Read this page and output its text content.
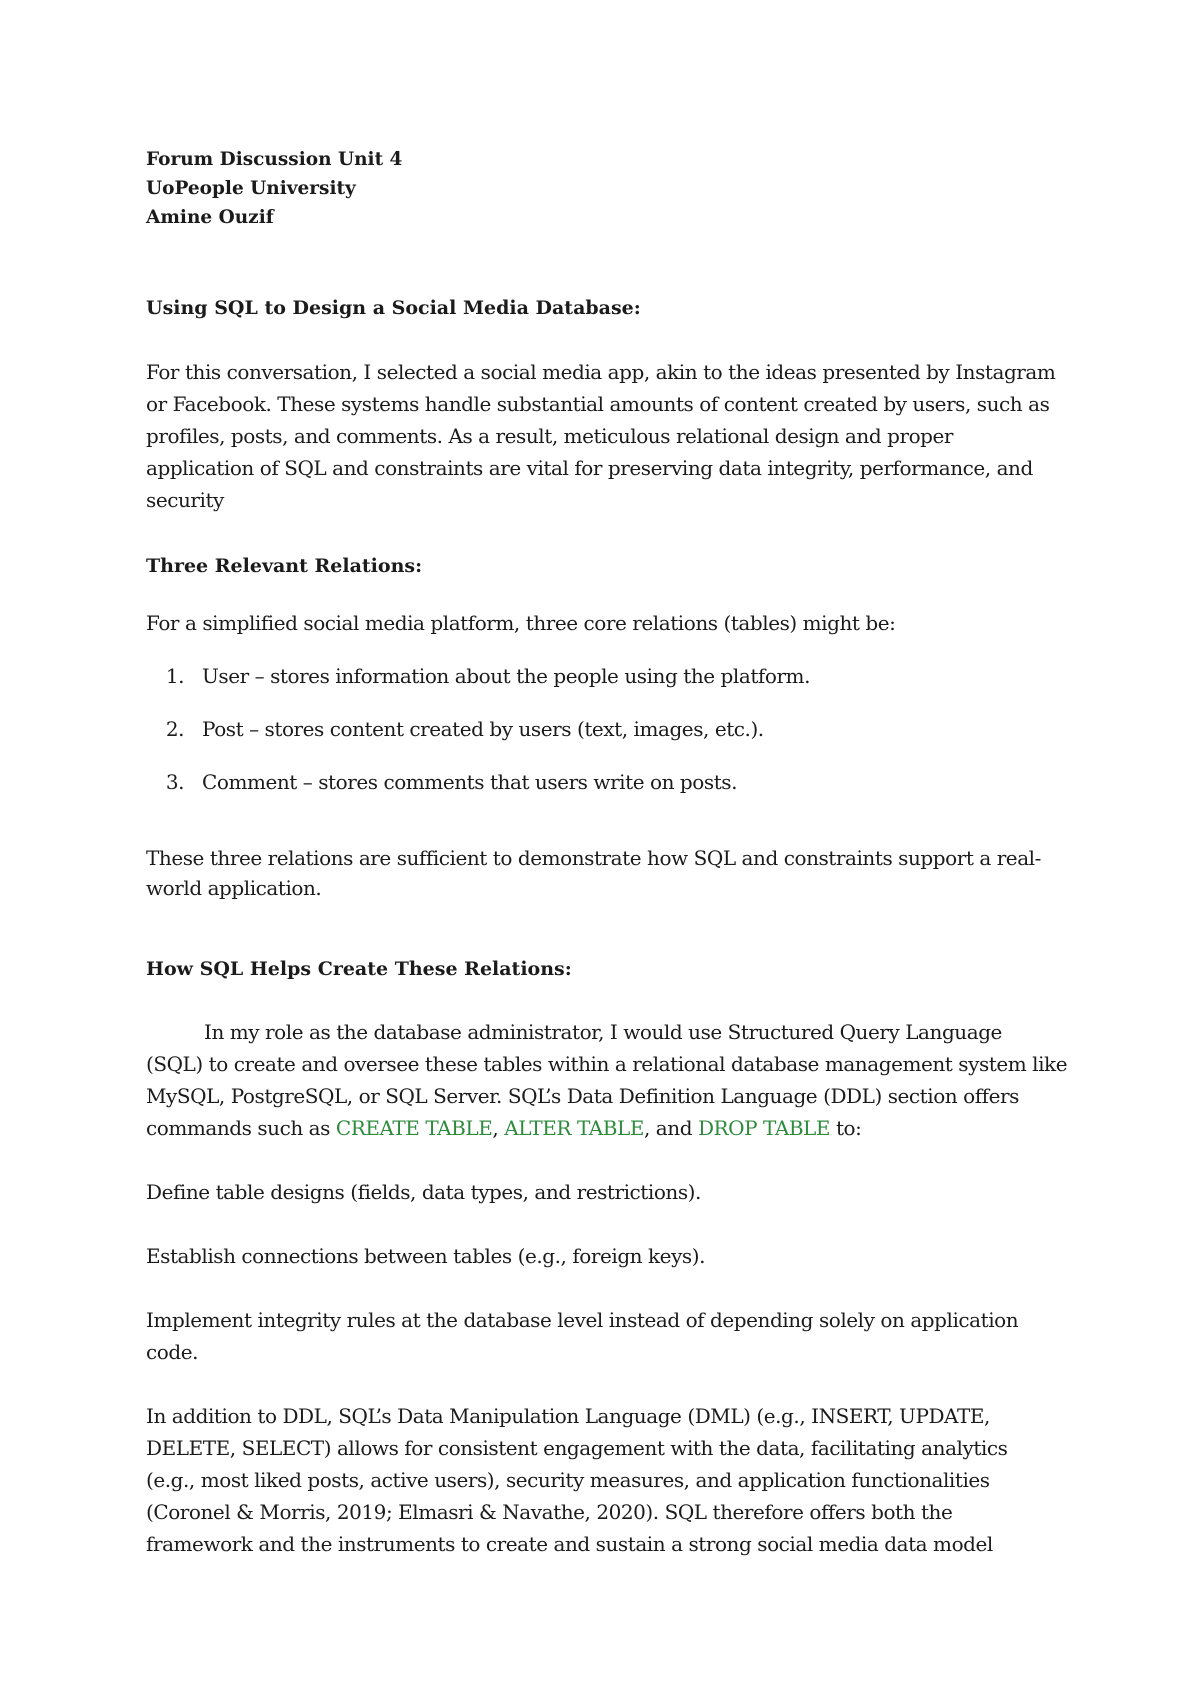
Forum Discussion Unit 4
UoPeople University
Amine Ouzif
Using SQL to Design a Social Media Database:
For this conversation, I selected a social media app, akin to the ideas presented by Instagram
or Facebook. These systems handle substantial amounts of content created by users, such as
profiles, posts, and comments. As a result, meticulous relational design and proper
application of SQL and constraints are vital for preserving data integrity, performance, and
security
Three Relevant Relations:
For a simplified social media platform, three core relations (tables) might be:
1. User – stores information about the people using the platform.
2. Post – stores content created by users (text, images, etc.).
3. Comment – stores comments that users write on posts.
These three relations are sufficient to demonstrate how SQL and constraints support a real-
world application.
How SQL Helps Create These Relations:
In my role as the database administrator, I would use Structured Query Language
(SQL) to create and oversee these tables within a relational database management system like
MySQL, PostgreSQL, or SQL Server. SQL’s Data Definition Language (DDL) section offers
commands such as CREATE TABLE, ALTER TABLE, and DROP TABLE to:
Define table designs (fields, data types, and restrictions).
Establish connections between tables (e.g., foreign keys).
Implement integrity rules at the database level instead of depending solely on application
code.
In addition to DDL, SQL’s Data Manipulation Language (DML) (e.g., INSERT, UPDATE,
DELETE, SELECT) allows for consistent engagement with the data, facilitating analytics
(e.g., most liked posts, active users), security measures, and application functionalities
(Coronel & Morris, 2019; Elmasri & Navathe, 2020). SQL therefore offers both the
framework and the instruments to create and sustain a strong social media data model
